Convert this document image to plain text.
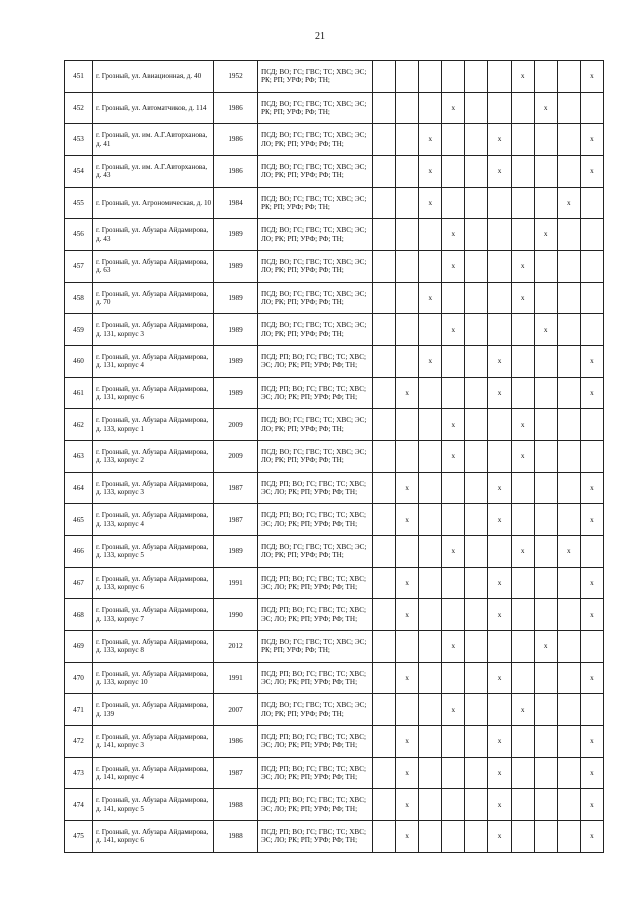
21
451	г. Грозный, ул. Авиационная, д. 40	1952	ПСД; ВО; ГС; ГВС; ТС; ХВС; ЭС; РК; РП; УРФ; РФ; ТН;							х			х
452	г. Грозный, ул. Автоматчиков, д. 114	1986	ПСД; ВО; ГС; ГВС; ТС; ХВС; ЭС; РК; РП; УРФ; РФ; ТН;				х				х		
453	г. Грозный, ул. им. А.Г.Авторханова, д. 41	1986	ПСД; ВО; ГС; ГВС; ТС; ХВС; ЭС; ЛО; РК; РП; УРФ; РФ; ТН;			х			х				х
454	г. Грозный, ул. им. А.Г.Авторханова, д. 43	1986	ПСД; ВО; ГС; ГВС; ТС; ХВС; ЭС; ЛО; РК; РП; УРФ; РФ; ТН;			х			х				х
455	г. Грозный, ул. Агрономическая, д. 10	1984	ПСД; ВО; ГС; ГВС; ТС; ХВС; ЭС; РК; РП; УРФ; РФ; ТН;			х						х	
456	г. Грозный, ул. Абузара Айдамирова, д. 43	1989	ПСД; ВО; ГС; ГВС; ТС; ХВС; ЭС; ЛО; РК; РП; УРФ; РФ; ТН;				х				х		
457	г. Грозный, ул. Абузара Айдамирова, д. 63	1989	ПСД; ВО; ГС; ГВС; ТС; ХВС; ЭС; ЛО; РК; РП; УРФ; РФ; ТН;				х			х			
458	г. Грозный, ул. Абузара Айдамирова, д. 70	1989	ПСД; ВО; ГС; ГВС; ТС; ХВС; ЭС; ЛО; РК; РП; УРФ; РФ; ТН;			х				х			
459	г. Грозный, ул. Абузара Айдамирова, д. 131, корпус 3	1989	ПСД; ВО; ГС; ГВС; ТС; ХВС; ЭС; ЛО; РК; РП; УРФ; РФ; ТН;				х				х		
460	г. Грозный, ул. Абузара Айдамирова, д. 131, корпус 4	1989	ПСД; РП; ВО; ГС; ГВС; ТС; ХВС; ЭС; ЛО; РК; РП; УРФ; РФ; ТН;			х			х				х
461	г. Грозный, ул. Абузара Айдамирова, д. 131, корпус 6	1989	ПСД; РП; ВО; ГС; ГВС; ТС; ХВС; ЭС; ЛО; РК; РП; УРФ; РФ; ТН;		х				х				х
462	г. Грозный, ул. Абузара Айдамирова, д. 133, корпус 1	2009	ПСД; ВО; ГС; ГВС; ТС; ХВС; ЭС; ЛО; РК; РП; УРФ; РФ; ТН;				х			х			
463	г. Грозный, ул. Абузара Айдамирова, д. 133, корпус 2	2009	ПСД; ВО; ГС; ГВС; ТС; ХВС; ЭС; ЛО; РК; РП; УРФ; РФ; ТН;				х			х			
464	г. Грозный, ул. Абузара Айдамирова, д. 133, корпус 3	1987	ПСД; РП; ВО; ГС; ГВС; ТС; ХВС; ЭС; ЛО; РК; РП; УРФ; РФ; ТН;		х				х				х
465	г. Грозный, ул. Абузара Айдамирова, д. 133, корпус 4	1987	ПСД; РП; ВО; ГС; ГВС; ТС; ХВС; ЭС; ЛО; РК; РП; УРФ; РФ; ТН;		х				х				х
466	г. Грозный, ул. Абузара Айдамирова, д. 133, корпус 5	1989	ПСД; ВО; ГС; ГВС; ТС; ХВС; ЭС; ЛО; РК; РП; УРФ; РФ; ТН;				х			х		х	
467	г. Грозный, ул. Абузара Айдамирова, д. 133, корпус 6	1991	ПСД; РП; ВО; ГС; ГВС; ТС; ХВС; ЭС; ЛО; РК; РП; УРФ; РФ; ТН;		х				х				х
468	г. Грозный, ул. Абузара Айдамирова, д. 133, корпус 7	1990	ПСД; РП; ВО; ГС; ГВС; ТС; ХВС; ЭС; ЛО; РК; РП; УРФ; РФ; ТН;		х				х				х
469	г. Грозный, ул. Абузара Айдамирова, д. 133, корпус 8	2012	ПСД; ВО; ГС; ГВС; ТС; ХВС; ЭС; РК; РП; УРФ; РФ; ТН;				х				х		
470	г. Грозный, ул. Абузара Айдамирова, д. 133, корпус 10	1991	ПСД; РП; ВО; ГС; ГВС; ТС; ХВС; ЭС; ЛО; РК; РП; УРФ; РФ; ТН;		х				х				х
471	г. Грозный, ул. Абузара Айдамирова, д. 139	2007	ПСД; ВО; ГС; ГВС; ТС; ХВС; ЭС; ЛО; РК; РП; УРФ; РФ; ТН;				х			х			
472	г. Грозный, ул. Абузара Айдамирова, д. 141, корпус 3	1986	ПСД; РП; ВО; ГС; ГВС; ТС; ХВС; ЭС; ЛО; РК; РП; УРФ; РФ; ТН;		х				х				х
473	г. Грозный, ул. Абузара Айдамирова, д. 141, корпус 4	1987	ПСД; РП; ВО; ГС; ГВС; ТС; ХВС; ЭС; ЛО; РК; РП; УРФ; РФ; ТН;		х				х				х
474	г. Грозный, ул. Абузара Айдамирова, д. 141, корпус 5	1988	ПСД; РП; ВО; ГС; ГВС; ТС; ХВС; ЭС; ЛО; РК; РП; УРФ; РФ; ТН;		х				х				х
475	г. Грозный, ул. Абузара Айдамирова, д. 141, корпус 6	1988	ПСД; РП; ВО; ГС; ГВС; ТС; ХВС; ЭС; ЛО; РК; РП; УРФ; РФ; ТН;		х				х				х
